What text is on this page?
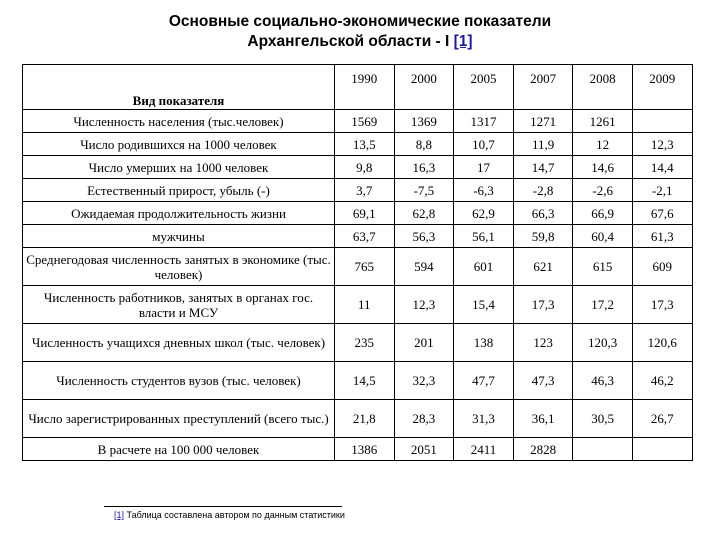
Основные социально-экономические показатели
Архангельской области - I [1]
Вид показателя	1990	2000	2005	2007	2008	2009
Численность населения (тыс.человек)	1569	1369	1317	1271	1261	
Число родившихся на 1000 человек	13,5	8,8	10,7	11,9	12	12,3
Число умерших на 1000 человек	9,8	16,3	17	14,7	14,6	14,4
Естественный прирост, убыль (-)	3,7	-7,5	-6,3	-2,8	-2,6	-2,1
Ожидаемая продолжительность жизни	69,1	62,8	62,9	66,3	66,9	67,6
мужчины	63,7	56,3	56,1	59,8	60,4	61,3
Среднегодовая численность занятых в экономике (тыс. человек)	765	594	601	621	615	609
Численность работников, занятых в органах гос. власти и МСУ	11	12,3	15,4	17,3	17,2	17,3
Численность учащихся дневных школ (тыс. человек)	235	201	138	123	120,3	120,6
Численность студентов вузов (тыс. человек)	14,5	32,3	47,7	47,3	46,3	46,2
Число зарегистрированных преступлений (всего тыс.)	21,8	28,3	31,3	36,1	30,5	26,7
В расчете на 100 000 человек	1386	2051	2411	2828		
[1] Таблица составлена автором по данным статистики
